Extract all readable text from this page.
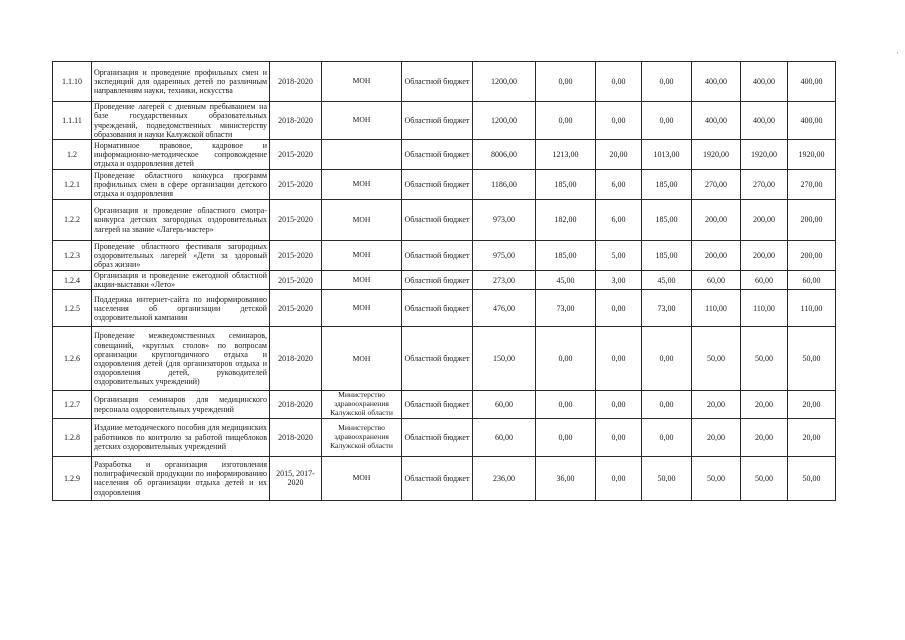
·
1.1.10	Организация и проведение профильных смен и экспедиций для одаренных детей по различным направлениям науки, техники, искусства	2018-2020	МОН	Областной бюджет	1200,00	0,00	0,00	0,00	400,00	400,00	400,00
1.1.11	Проведение лагерей с дневным пребыванием на базе государственных образовательных учреждений, подведомственных министерству образования и науки Калужской области	2018-2020	МОН	Областной бюджет	1200,00	0,00	0,00	0,00	400,00	400,00	400,00
1.2	Нормативное правовое, кадровое и информационно-методическое сопровождение отдыха и оздоровления детей	2015-2020		Областной бюджет	8006,00	1213,00	20,00	1013,00	1920,00	1920,00	1920,00
1.2.1	Проведение областного конкурса программ профильных смен в сфере организации детского отдыха и оздоровления	2015-2020	МОН	Областной бюджет	1186,00	185,00	6,00	185,00	270,00	270,00	270,00
1.2.2	Организация и проведение областного смотра-конкурса детских загородных оздоровительных лагерей на звание «Лагерь-мастер»	2015-2020	МОН	Областной бюджет	973,00	182,00	6,00	185,00	200,00	200,00	200,00
1.2.3	Проведение областного фестиваля загородных оздоровительных лагерей «Дети за здоровый образ жизни»	2015-2020	МОН	Областной бюджет	975,00	185,00	5,00	185,00	200,00	200,00	200,00
1.2.4	Организация и проведение ежегодной областной акции-выставки «Лето»	2015-2020	МОН	Областной бюджет	273,00	45,00	3,00	45,00	60,00	60,00	60,00
1.2.5	Поддержка интернет-сайта по информированию населения об организации детской оздоровительной кампании	2015-2020	МОН	Областной бюджет	476,00	73,00	0,00	73,00	110,00	110,00	110,00
1.2.6	Проведение межведомственных семинаров, совещаний, «круглых столов» по вопросам организации круглогодичного отдыха и оздоровления детей (для организаторов отдыха и оздоровления детей, руководителей оздоровительных учреждений)	2018-2020	МОН	Областной бюджет	150,00	0,00	0,00	0,00	50,00	50,00	50,00
1.2.7	Организация семинаров для медицинского персонала оздоровительных учреждений	2018-2020	Министерство здравоохранения Калужской области	Областной бюджет	60,00	0,00	0,00	0,00	20,00	20,00	20,00
1.2.8	Издание методического пособия для медицинских работников по контролю за работой пищеблоков детских оздоровительных учреждений	2018-2020	Министерство здравоохранения Калужской области	Областной бюджет	60,00	0,00	0,00	0,00	20,00	20,00	20,00
1.2.9	Разработка и организация изготовления полиграфической продукции по информированию населения об организации отдыха детей и их оздоровления	2015, 2017-2020	МОН	Областной бюджет	236,00	36,00	0,00	50,00	50,00	50,00	50,00
